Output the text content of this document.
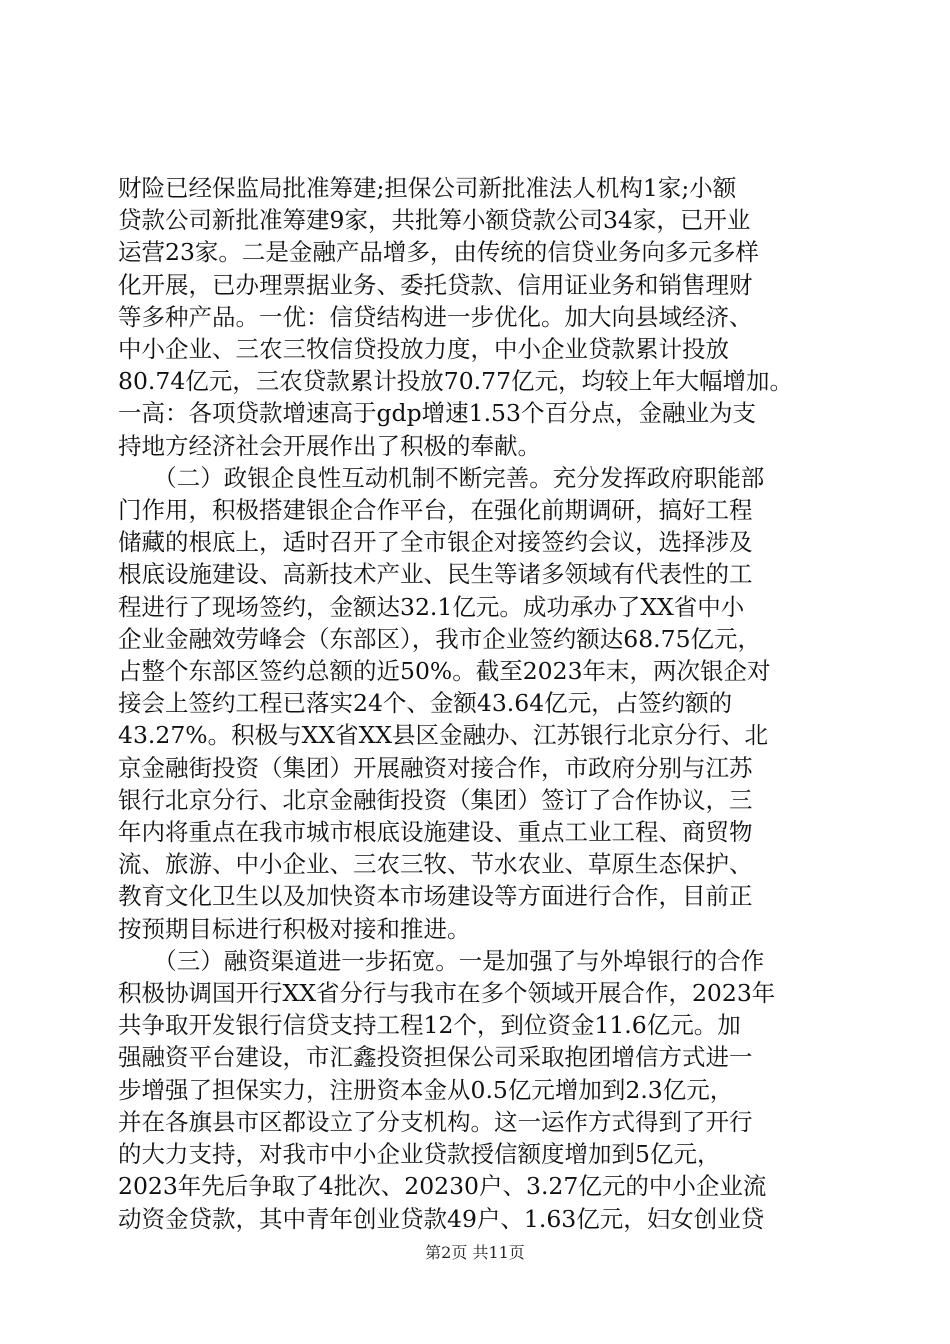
财险已经保监局批准筹建;担保公司新批准法人机构1家;小额
贷款公司新批准筹建9家，共批筹小额贷款公司34家，已开业
运营23家。二是金融产品增多，由传统的信贷业务向多元多样
化开展，已办理票据业务、委托贷款、信用证业务和销售理财
等多种产品。一优：信贷结构进一步优化。加大向县域经济、
中小企业、三农三牧信贷投放力度，中小企业贷款累计投放
80.74亿元，三农贷款累计投放70.77亿元，均较上年大幅增加。
一高：各项贷款增速高于gdp增速1.53个百分点，金融业为支
持地方经济社会开展作出了积极的奉献。
　　（二）政银企良性互动机制不断完善。充分发挥政府职能部
门作用，积极搭建银企合作平台，在强化前期调研，搞好工程
储藏的根底上，适时召开了全市银企对接签约会议，选择涉及
根底设施建设、高新技术产业、民生等诸多领域有代表性的工
程进行了现场签约，金额达32.1亿元。成功承办了XX省中小
企业金融效劳峰会（东部区），我市企业签约额达68.75亿元，
占整个东部区签约总额的近50%。截至2023年末，两次银企对
接会上签约工程已落实24个、金额43.64亿元，占签约额的
43.27%。积极与XX省XX县区金融办、江苏银行北京分行、北
京金融街投资（集团）开展融资对接合作，市政府分别与江苏
银行北京分行、北京金融街投资（集团）签订了合作协议，三
年内将重点在我市城市根底设施建设、重点工业工程、商贸物
流、旅游、中小企业、三农三牧、节水农业、草原生态保护、
教育文化卫生以及加快资本市场建设等方面进行合作，目前正
按预期目标进行积极对接和推进。
　　（三）融资渠道进一步拓宽。一是加强了与外埠银行的合作
积极协调国开行XX省分行与我市在多个领域开展合作，2023年
共争取开发银行信贷支持工程12个，到位资金11.6亿元。加
强融资平台建设，市汇鑫投资担保公司采取抱团增信方式进一
步增强了担保实力，注册资本金从0.5亿元增加到2.3亿元，
并在各旗县市区都设立了分支机构。这一运作方式得到了开行
的大力支持，对我市中小企业贷款授信额度增加到5亿元，
2023年先后争取了4批次、20230户、3.27亿元的中小企业流
动资金贷款，其中青年创业贷款49户、1.63亿元，妇女创业贷
第2页 共11页
